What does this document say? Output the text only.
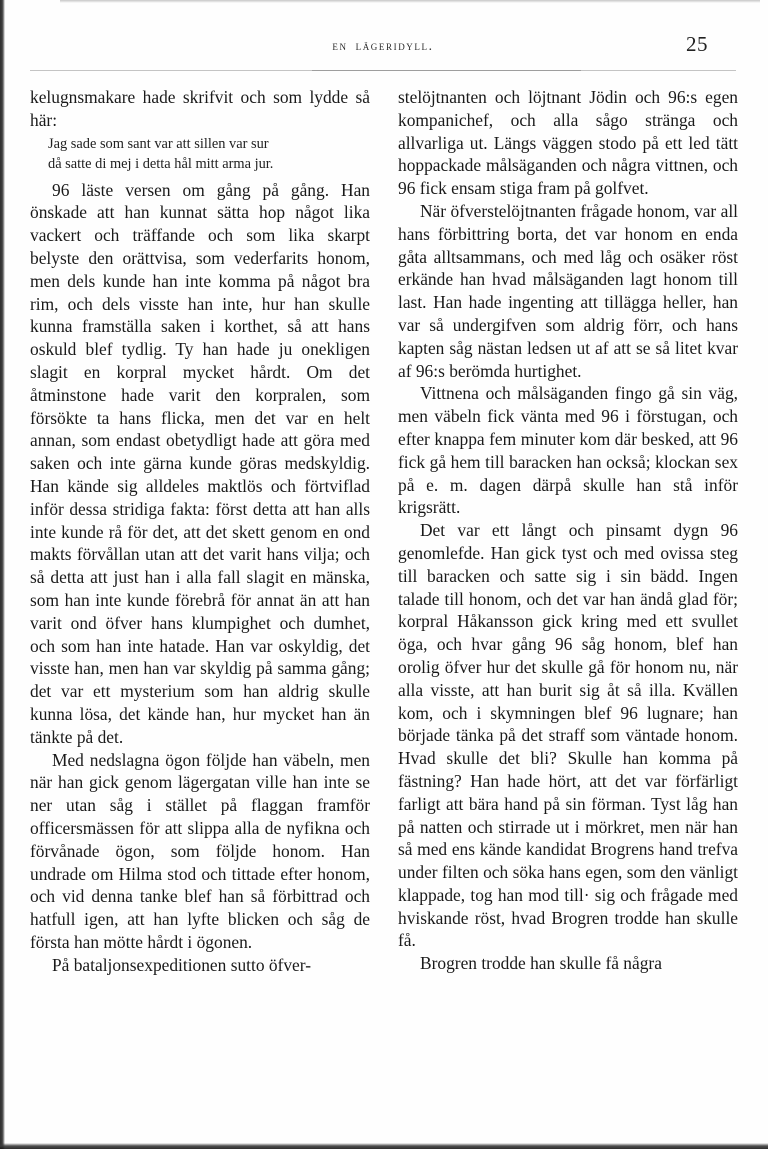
en lägeridyll.	25

kelugnsmakare hade skrifvit och som lydde så här:

Jag sade som sant var att sillen var sur
då satte di mej i detta hål mitt arma jur.

96 läste versen om gång på gång. Han önskade att han kunnat sätta hop något lika vackert och träffande och som lika skarpt belyste den orättvisa, som vederfarits honom, men dels kunde han inte komma på något bra rim, och dels visste han inte, hur han skulle kunna framställa saken i korthet, så att hans oskuld blef tydlig. Ty han hade ju onekligen slagit en korpral mycket hårdt. Om det åtminstone hade varit den korpralen, som försökte ta hans flicka, men det var en helt annan, som endast obetydligt hade att göra med saken och inte gärna kunde göras medskyldig. Han kände sig alldeles maktlös och förtviflad inför dessa stridiga fakta: först detta att han alls inte kunde rå för det, att det skett genom en ond makts förvållan utan att det varit hans vilja; och så detta att just han i alla fall slagit en mänska, som han inte kunde förebrå för annat än att han varit ond öfver hans klumpighet och dumhet, och som han inte hatade. Han var oskyldig, det visste han, men han var skyldig på samma gång; det var ett mysterium som han aldrig skulle kunna lösa, det kände han, hur mycket han än tänkte på det.

Med nedslagna ögon följde han väbeln, men när han gick genom lägergatan ville han inte se ner utan såg i stället på flaggan framför officersmässen för att slippa alla de nyfikna och förvånade ögon, som följde honom. Han undrade om Hilma stod och tittade efter honom, och vid denna tanke blef han så förbittrad och hatfull igen, att han lyfte blicken och såg de första han mötte hårdt i ögonen.

På bataljonsexpeditionen sutto öfver-

stelöjtnanten och löjtnant Jödin och 96:s egen kompanichef, och alla sågo stränga och allvarliga ut. Längs väggen stodo på ett led tätt hoppackade målsäganden och några vittnen, och 96 fick ensam stiga fram på golfvet.

När öfverstelöjtnanten frågade honom, var all hans förbittring borta, det var honom en enda gåta alltsammans, och med låg och osäker röst erkände han hvad målsäganden lagt honom till last. Han hade ingenting att tillägga heller, han var så undergifven som aldrig förr, och hans kapten såg nästan ledsen ut af att se så litet kvar af 96:s berömda hurtighet.

Vittnena och målsäganden fingo gå sin väg, men väbeln fick vänta med 96 i förstugan, och efter knappa fem minuter kom där besked, att 96 fick gå hem till baracken han också; klockan sex på e. m. dagen därpå skulle han stå inför krigsrätt.

Det var ett långt och pinsamt dygn 96 genomlefde. Han gick tyst och med ovissa steg till baracken och satte sig i sin bädd. Ingen talade till honom, och det var han ändå glad för; korpral Håkansson gick kring med ett svullet öga, och hvar gång 96 såg honom, blef han orolig öfver hur det skulle gå för honom nu, när alla visste, att han burit sig åt så illa. Kvällen kom, och i skymningen blef 96 lugnare; han började tänka på det straff som väntade honom. Hvad skulle det bli? Skulle han komma på fästning? Han hade hört, att det var förfärligt farligt att bära hand på sin förman. Tyst låg han på natten och stirrade ut i mörkret, men när han så med ens kände kandidat Brogrens hand trefva under filten och söka hans egen, som den vänligt klappade, tog han mod till· sig och frågade med hviskande röst, hvad Brogren trodde han skulle få.

Brogren trodde han skulle få några
